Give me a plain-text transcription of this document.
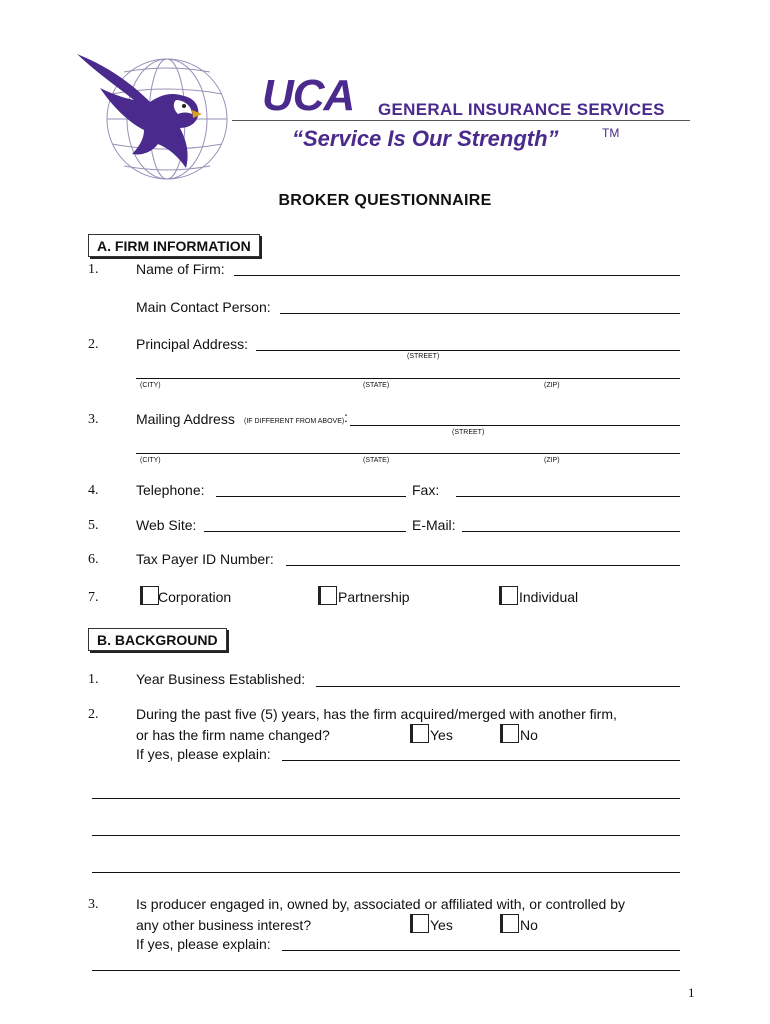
UCA GENERAL INSURANCE SERVICES
“Service Is Our Strength”	TM
BROKER QUESTIONNAIRE
A. FIRM INFORMATION
1.	Name of Firm:
Main Contact Person:
2.	Principal Address:
(STREET)
(CITY)	(STATE)	(ZIP)
3.	Mailing Address (IF DIFFERENT FROM ABOVE) :
(STREET)
(CITY)	(STATE)	(ZIP)
4.	Telephone:	Fax:
5.	Web Site:	E-Mail:
6.	Tax Payer ID Number:
7.	Corporation	Partnership	Individual
B. BACKGROUND
1.	Year Business Established:
2.	During the past five (5) years, has the firm acquired/merged with another firm,
or has the firm name changed?	Yes	No
If yes, please explain:
3.	Is producer engaged in, owned by, associated or affiliated with, or controlled by
any other business interest?	Yes	No
If yes, please explain:
1
